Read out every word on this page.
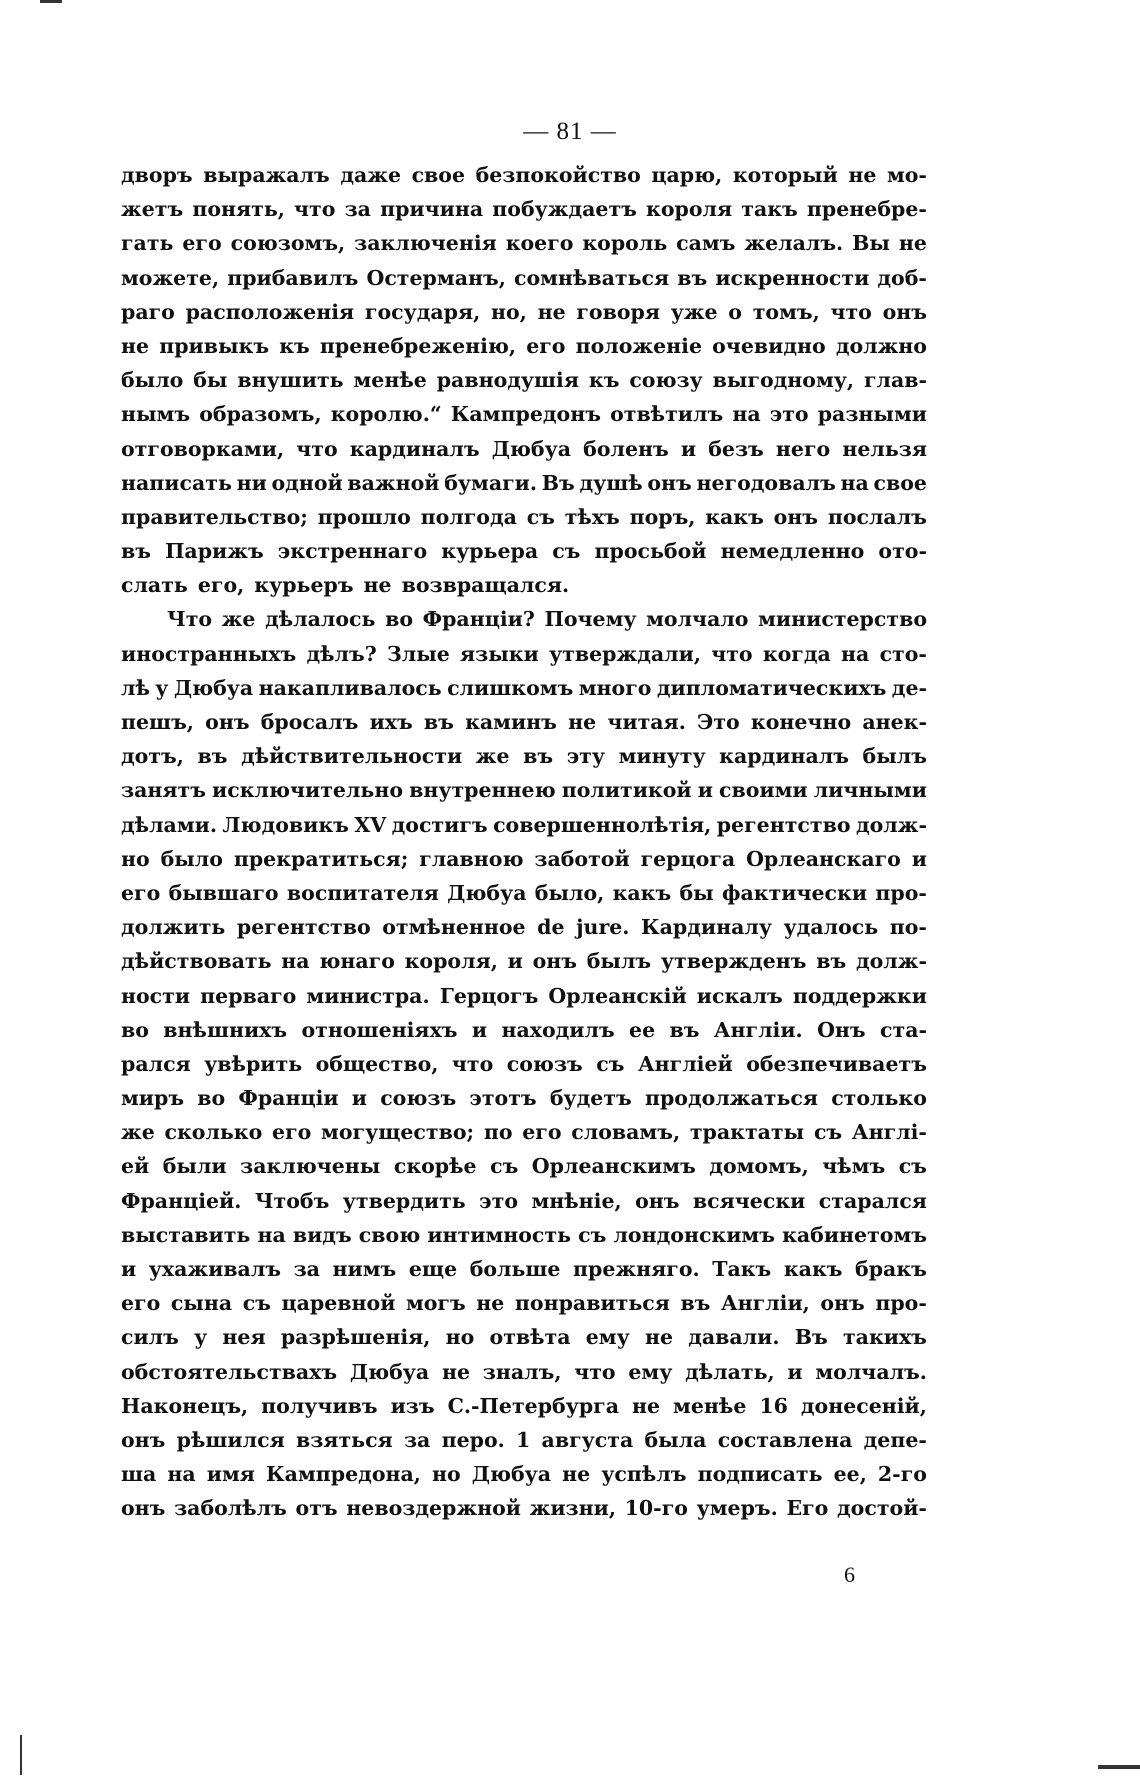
— 81 —
дворъ выражалъ даже свое безпокойство царю, который не мо-
жетъ понять, что за причина побуждаетъ короля такъ пренебре-
гать его союзомъ, заключенія коего король самъ желалъ. Вы не
можете, прибавилъ Остерманъ, сомнѣваться въ искренности доб-
раго расположенія государя, но, не говоря уже о томъ, что онъ
не привыкъ къ пренебреженію, его положеніе очевидно должно
было бы внушить менѣе равнодушія къ союзу выгодному, глав-
нымъ образомъ, королю.“ Кампредонъ отвѣтилъ на это разными
отговорками, что кардиналъ Дюбуа боленъ и безъ него нельзя
написать ни одной важной бумаги. Въ душѣ онъ негодовалъ на свое
правительство; прошло полгода съ тѣхъ поръ, какъ онъ послалъ
въ Парижъ экстреннаго курьера съ просьбой немедленно ото-
слать его, курьеръ не возвращался.
Что же дѣлалось во Франціи? Почему молчало министерство
иностранныхъ дѣлъ? Злые языки утверждали, что когда на сто-
лѣ у Дюбуа накапливалось слишкомъ много дипломатическихъ де-
пешъ, онъ бросалъ ихъ въ каминъ не читая. Это конечно анек-
дотъ, въ дѣйствительности же въ эту минуту кардиналъ былъ
занятъ исключительно внутреннею политикой и своими личными
дѣлами. Людовикъ XV достигъ совершеннолѣтія, регентство долж-
но было прекратиться; главною заботой герцога Орлеанскаго и
его бывшаго воспитателя Дюбуа было, какъ бы фактически про-
должить регентство отмѣненное de jure. Кардиналу удалось по-
дѣйствовать на юнаго короля, и онъ былъ утвержденъ въ долж-
ности перваго министра. Герцогъ Орлеанскій искалъ поддержки
во внѣшнихъ отношеніяхъ и находилъ ее въ Англіи. Онъ ста-
рался увѣрить общество, что союзъ съ Англіей обезпечиваетъ
миръ во Франціи и союзъ этотъ будетъ продолжаться столько
же сколько его могущество; по его словамъ, трактаты съ Англі-
ей были заключены скорѣе съ Орлеанскимъ домомъ, чѣмъ съ
Франціей. Чтобъ утвердить это мнѣніе, онъ всячески старался
выставить на видъ свою интимность съ лондонскимъ кабинетомъ
и ухаживалъ за нимъ еще больше прежняго. Такъ какъ бракъ
его сына съ царевной могъ не понравиться въ Англіи, онъ про-
силъ у нея разрѣшенія, но отвѣта ему не давали. Въ такихъ
обстоятельствахъ Дюбуа не зналъ, что ему дѣлать, и молчалъ.
Наконецъ, получивъ изъ С.-Петербурга не менѣе 16 донесеній,
онъ рѣшился взяться за перо. 1 августа была составлена депе-
ша на имя Кампредона, но Дюбуа не успѣлъ подписать ее, 2-го
онъ заболѣлъ отъ невоздержной жизни, 10-го умеръ. Его достой-
6
